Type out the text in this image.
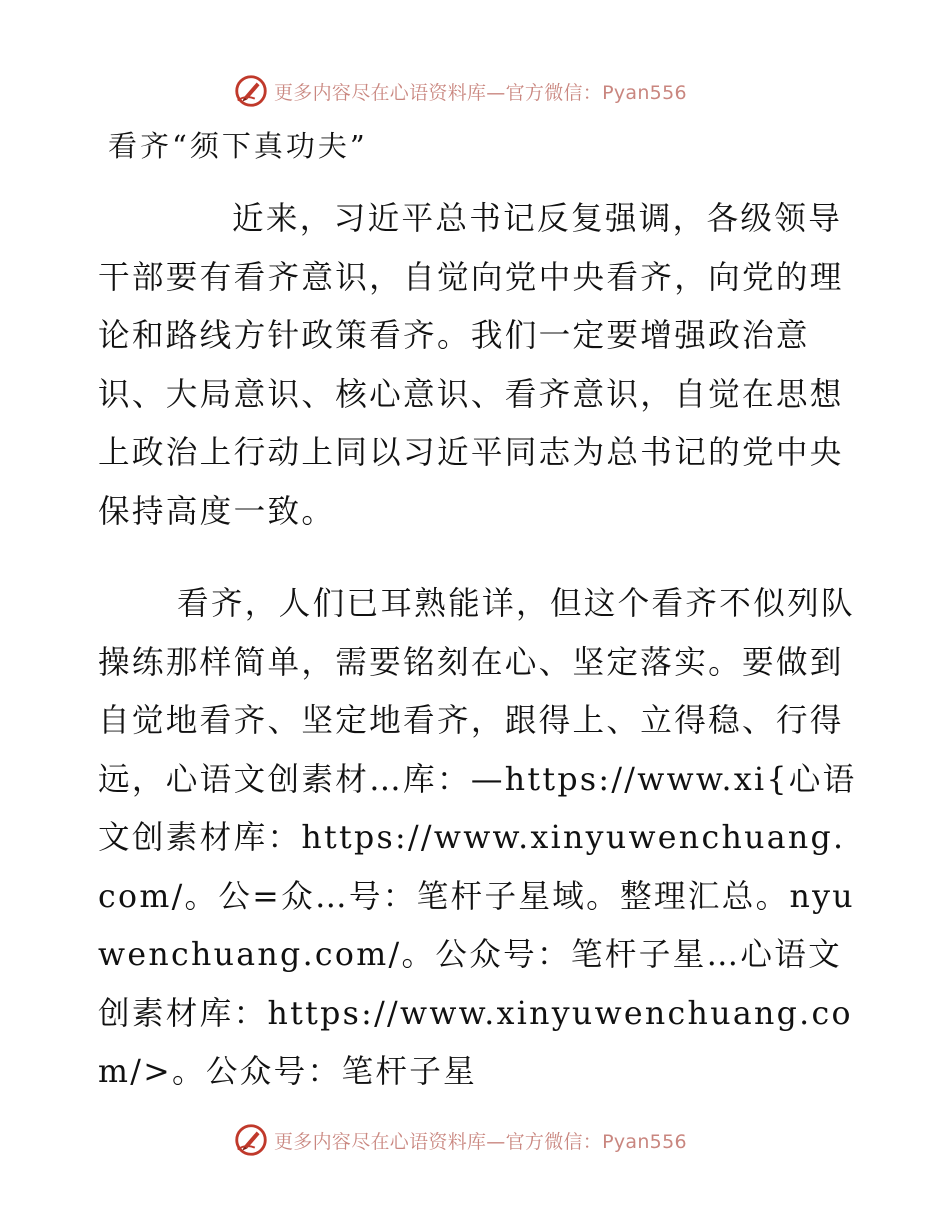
更多内容尽在心语资料库—官方微信：Pyan556
看齐“须下真功夫”

近来，习近平总书记反复强调，各级领导干部要有看齐意识，自觉向党中央看齐，向党的理论和路线方针政策看齐。我们一定要增强政治意识、大局意识、核心意识、看齐意识，自觉在思想上政治上行动上同以习近平同志为总书记的党中央保持高度一致。

看齐，人们已耳熟能详，但这个看齐不似列队操练那样简单，需要铭刻在心、坚定落实。要做到自觉地看齐、坚定地看齐，跟得上、立得稳、行得远，心语文创素材…库：—https://www.xi{心语文创素材库：https://www.xinyuwenchuang.com/。公=众…号：笔杆子星域。整理汇总。nyuwenchuang.com/。公众号：笔杆子星…心语文创素材库：https://www.xinyuwenchuang.com/>。公众号：笔杆子星

更多内容尽在心语资料库—官方微信：Pyan556
